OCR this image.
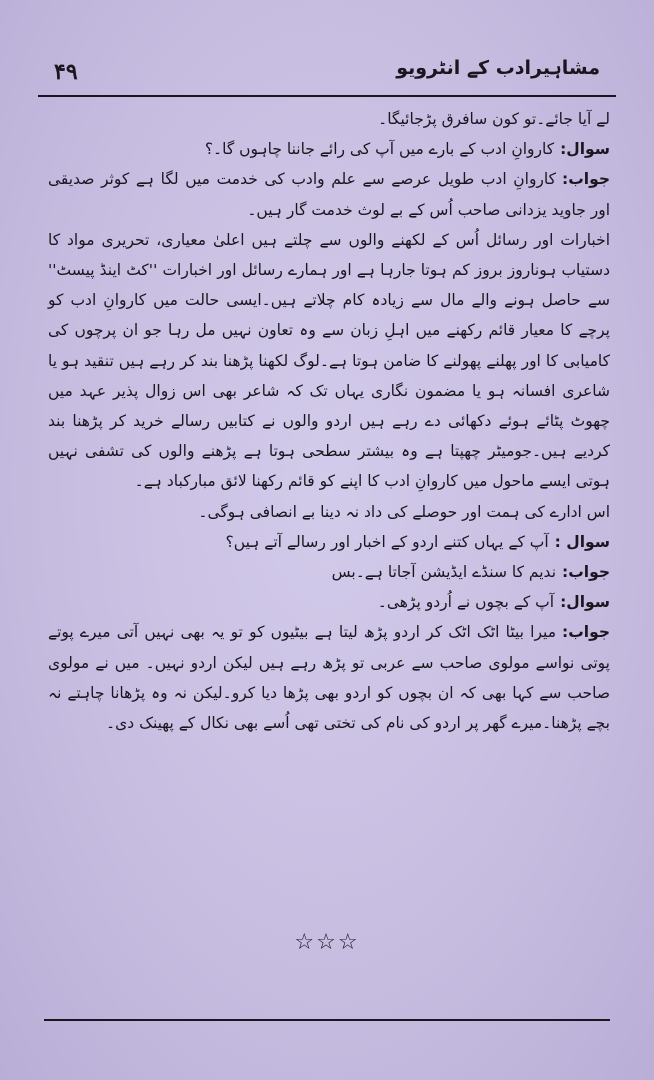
۴۹	مشاہیرادب کے انٹرویو

لے آیا جائے۔تو کون سافرق پڑجائیگا۔

سوال:کاروانِ ادب کے بارے میں آپ کی رائے جاننا چاہوں گا۔؟

جواب:کاروانِ ادب طویل عرصے سے علم وادب کی خدمت میں لگا ہے کوثر صدیقی اور جاوید یزدانی صاحب اُس کے بے لوث خدمت گار ہیں۔

اخبارات اور رسائل اُس کے لکھنے والوں سے چلتے ہیں اعلیٰ معیاری، تحریری مواد کا دستیاب ہوناروز بروز کم ہوتا جارہا ہے اور ہمارے رسائل اور اخبارات ''کٹ اینڈ پیسٹ'' سے حاصل ہونے والے مال سے زیادہ کام چلاتے ہیں۔ایسی حالت میں کاروانِ ادب کو پرچے کا معیار قائم رکھنے میں اہلِ زبان سے وہ تعاون نہیں مل رہا جو ان پرچوں کی کامیابی کا اور پھلنے پھولنے کا ضامن ہوتا ہے۔لوگ لکھنا پڑھنا بند کر رہے ہیں تنقید ہو یا شاعری افسانہ ہو یا مضمون نگاری یہاں تک کہ شاعر بھی اس زوال پذیر عہد میں چھوٹ پٹائے ہوئے دکھائی دے رہے ہیں اردو والوں نے کتابیں رسالے خرید کر پڑھنا بند کردیے ہیں۔جومیٹر چھپتا ہے وہ بیشتر سطحی ہوتا ہے پڑھنے والوں کی تشفی نہیں ہوتی ایسے ماحول میں کاروانِ ادب کا اپنے کو قائم رکھنا لائق مبارکباد ہے۔

اس ادارے کی ہمت اور حوصلے کی داد نہ دینا بے انصافی ہوگی۔

سوال :آپ کے یہاں کتنے اردو کے اخبار اور رسالے آتے ہیں؟

جواب:ندیم کا سنڈے ایڈیشن آجاتا ہے۔بس

سوال:آپ کے بچوں نے اُردو پڑھی۔

جواب:میرا بیٹا اٹک اٹک کر اردو پڑھ لیتا ہے بیٹیوں کو تو یہ بھی نہیں آتی میرے پوتے پوتی نواسے مولوی صاحب سے عربی تو پڑھ رہے ہیں لیکن اردو نہیں۔ میں نے مولوی صاحب سے کہا بھی کہ ان بچوں کو اردو بھی پڑھا دیا کرو۔لیکن نہ وہ پڑھانا چاہتے نہ بچے پڑھنا۔میرے گھر پر اردو کی نام کی تختی تھی اُسے بھی نکال کے پھینک دی۔

☆☆☆
